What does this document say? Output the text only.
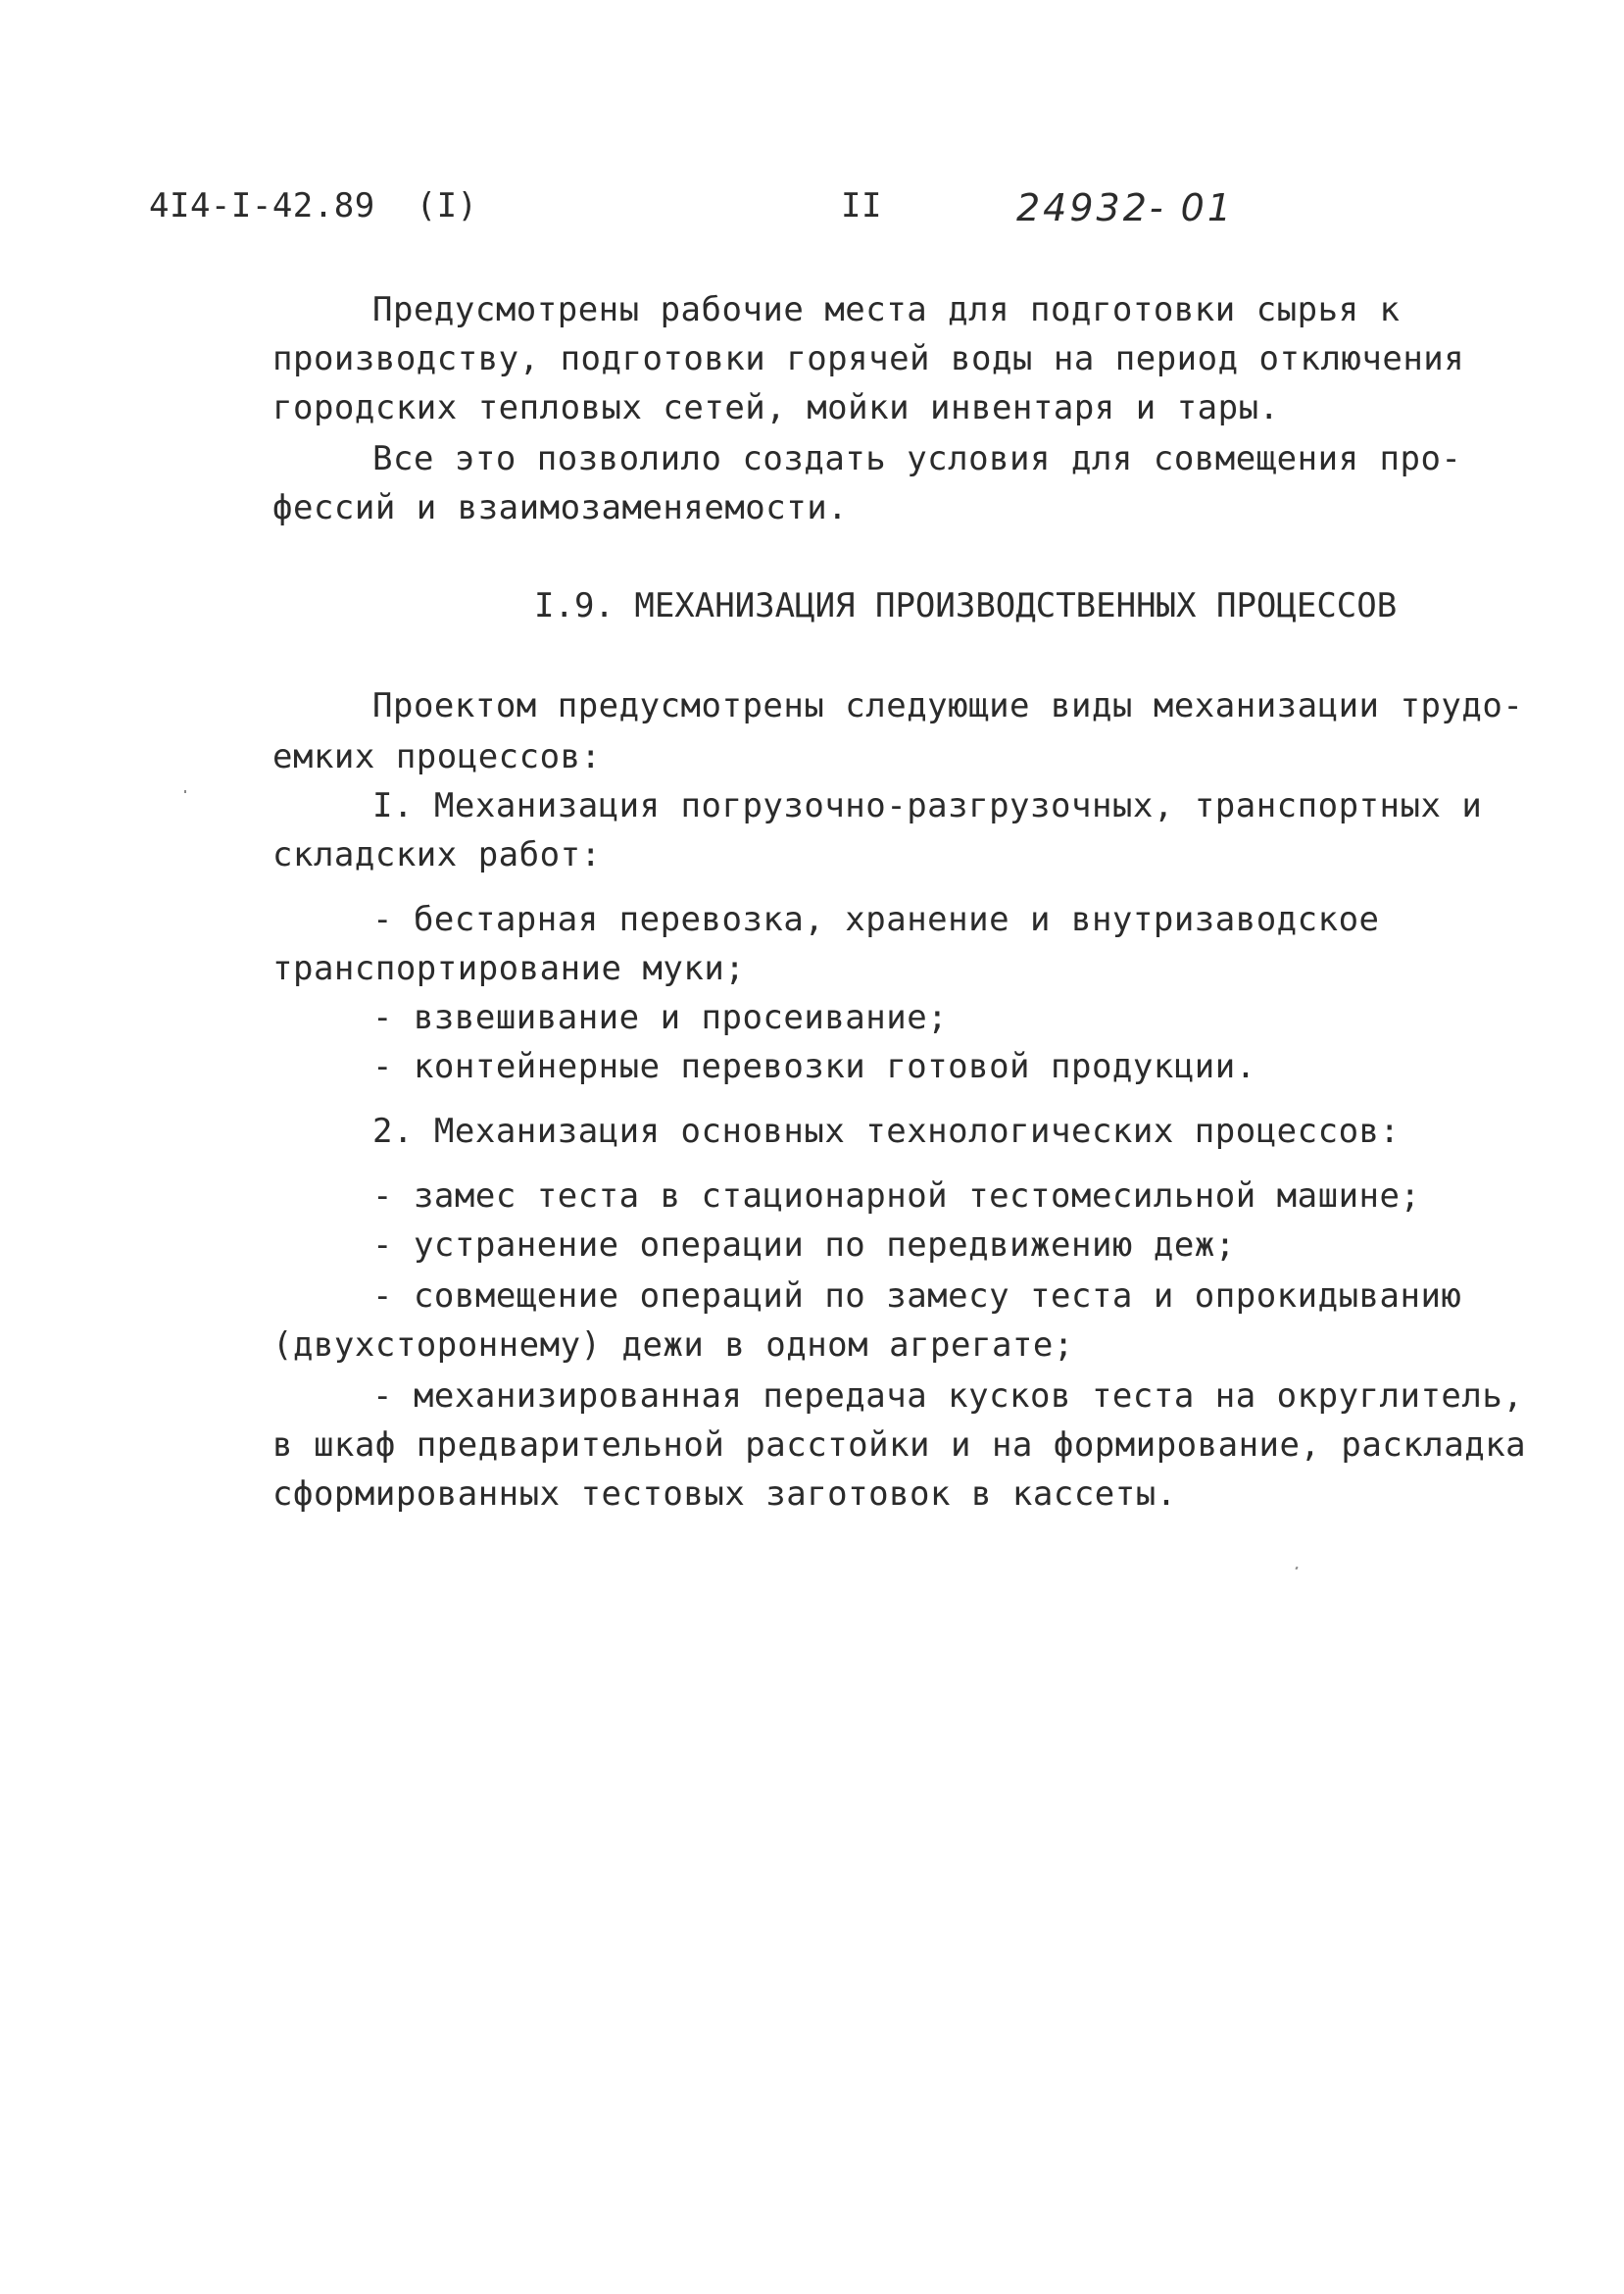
4I4-I-42.89  (I)	II	24932- 01
Предусмотрены рабочие места для подготовки сырья к
производству, подготовки горячей воды на период отключения
городских тепловых сетей, мойки инвентаря и тары.
Все это позволило создать условия для совмещения про-
фессий и взаимозаменяемости.
I.9. МЕХАНИЗАЦИЯ ПРОИЗВОДСТВЕННЫХ ПРОЦЕССОВ
Проектом предусмотрены следующие виды механизации трудо-
емких процессов:
I. Механизация погрузочно-разгрузочных, транспортных и
складских работ:
- бестарная перевозка, хранение и внутризаводское
транспортирование муки;
- взвешивание и просеивание;
- контейнерные перевозки готовой продукции.
2. Механизация основных технологических процессов:
- замес теста в стационарной тестомесильной машине;
- устранение операции по передвижению деж;
- совмещение операций по замесу теста и опрокидыванию
(двухстороннему) дежи в одном агрегате;
- механизированная передача кусков теста на округлитель,
в шкаф предварительной расстойки и на формирование, раскладка
сформированных тестовых заготовок в кассеты.
